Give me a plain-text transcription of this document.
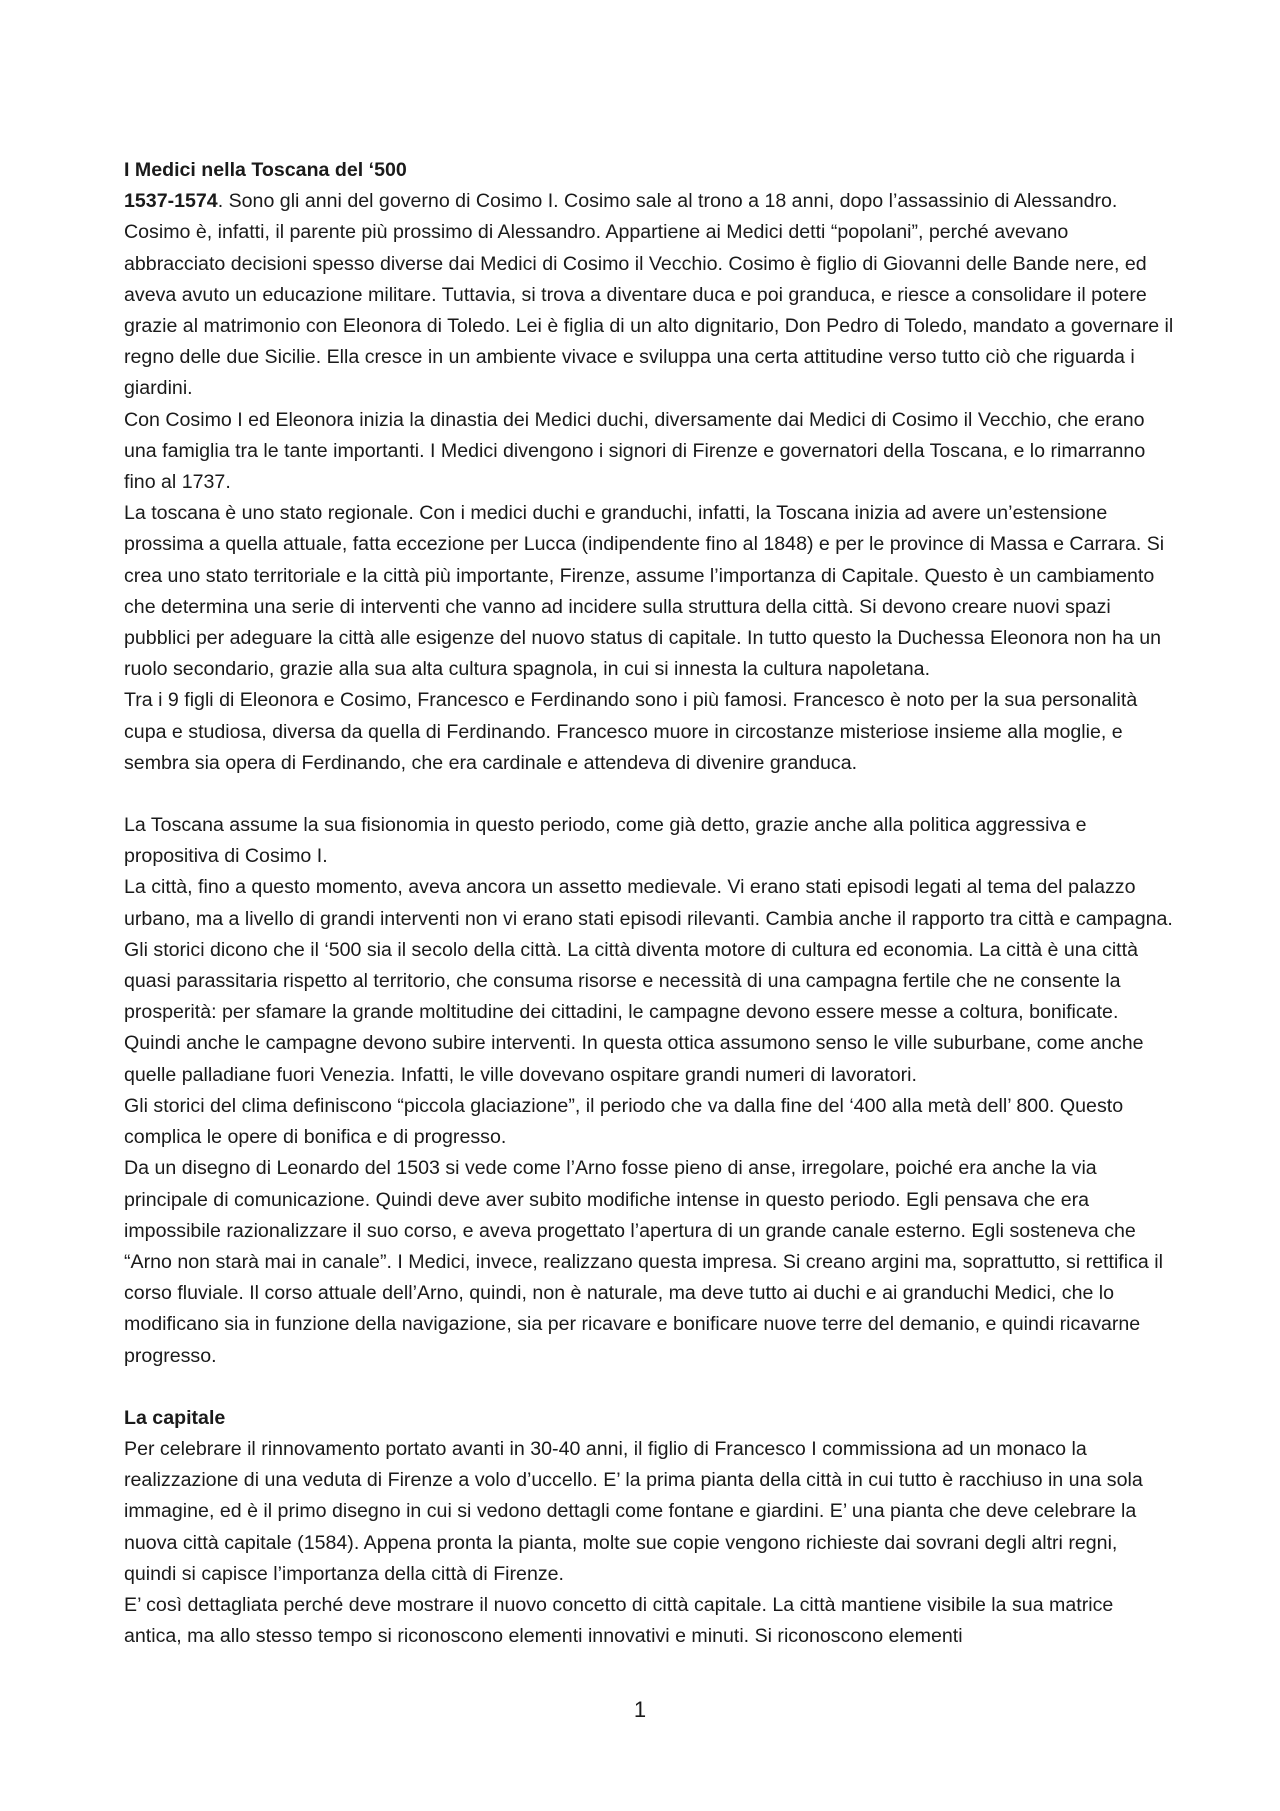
I Medici nella Toscana del ‘500

1537-1574. Sono gli anni del governo di Cosimo I. Cosimo sale al trono a 18 anni, dopo l’assassinio di Alessandro. Cosimo è, infatti, il parente più prossimo di Alessandro. Appartiene ai Medici detti “popolani”, perché avevano abbracciato decisioni spesso diverse dai Medici di Cosimo il Vecchio. Cosimo è figlio di Giovanni delle Bande nere, ed aveva avuto un educazione militare. Tuttavia, si trova a diventare duca e poi granduca, e riesce a consolidare il potere grazie al matrimonio con Eleonora di Toledo. Lei è figlia di un alto dignitario, Don Pedro di Toledo, mandato a governare il regno delle due Sicilie. Ella cresce in un ambiente vivace e sviluppa una certa attitudine verso tutto ciò che riguarda i giardini.

Con Cosimo I ed Eleonora inizia la dinastia dei Medici duchi, diversamente dai Medici di Cosimo il Vecchio, che erano una famiglia tra le tante importanti. I Medici divengono i signori di Firenze e governatori della Toscana, e lo rimarranno fino al 1737.

La toscana è uno stato regionale. Con i medici duchi e granduchi, infatti, la Toscana inizia ad avere un’estensione prossima a quella attuale, fatta eccezione per Lucca (indipendente fino al 1848) e per le province di Massa e Carrara. Si crea uno stato territoriale e la città più importante, Firenze, assume l’importanza di Capitale. Questo è un cambiamento che determina una serie di interventi che vanno ad incidere sulla struttura della città. Si devono creare nuovi spazi pubblici per adeguare la città alle esigenze del nuovo status di capitale. In tutto questo la Duchessa Eleonora non ha un ruolo secondario, grazie alla sua alta cultura spagnola, in cui si innesta la cultura napoletana.

Tra i 9 figli di Eleonora e Cosimo, Francesco e Ferdinando sono i più famosi. Francesco è noto per la sua personalità cupa e studiosa, diversa da quella di Ferdinando. Francesco muore in circostanze misteriose insieme alla moglie, e sembra sia opera di Ferdinando, che era cardinale e attendeva di divenire granduca.

La Toscana assume la sua fisionomia in questo periodo, come già detto, grazie anche alla politica aggressiva e propositiva di Cosimo I.

La città, fino a questo momento, aveva ancora un assetto medievale. Vi erano stati episodi legati al tema del palazzo urbano, ma a livello di grandi interventi non vi erano stati episodi rilevanti. Cambia anche il rapporto tra città e campagna. Gli storici dicono che il ‘500 sia il secolo della città. La città diventa motore di cultura ed economia. La città è una città quasi parassitaria rispetto al territorio, che consuma risorse e necessità di una campagna fertile che ne consente la prosperità: per sfamare la grande moltitudine dei cittadini, le campagne devono essere messe a coltura, bonificate. Quindi anche le campagne devono subire interventi. In questa ottica assumono senso le ville suburbane, come anche quelle palladiane fuori Venezia. Infatti, le ville dovevano ospitare grandi numeri di lavoratori.

Gli storici del clima definiscono “piccola glaciazione”, il periodo che va dalla fine del ‘400 alla metà dell’ 800. Questo complica le opere di bonifica e di progresso.

Da un disegno di Leonardo del 1503 si vede come l’Arno fosse pieno di anse, irregolare, poiché era anche la via principale di comunicazione. Quindi deve aver subito modifiche intense in questo periodo. Egli pensava che era impossibile razionalizzare il suo corso, e aveva progettato l’apertura di un grande canale esterno. Egli sosteneva che “Arno non starà mai in canale”. I Medici, invece, realizzano questa impresa. Si creano argini ma, soprattutto, si rettifica il corso fluviale. Il corso attuale dell’Arno, quindi, non è naturale, ma deve tutto ai duchi e ai granduchi Medici, che lo modificano sia in funzione della navigazione, sia per ricavare e bonificare nuove terre del demanio, e quindi ricavarne progresso.

La capitale

Per celebrare il rinnovamento portato avanti in 30-40 anni, il figlio di Francesco I commissiona ad un monaco la realizzazione di una veduta di Firenze a volo d’uccello. E’ la prima pianta della città in cui tutto è racchiuso in una sola immagine, ed è il primo disegno in cui si vedono dettagli come fontane e giardini. E’ una pianta che deve celebrare la nuova città capitale (1584). Appena pronta la pianta, molte sue copie vengono richieste dai sovrani degli altri regni, quindi si capisce l’importanza della città di Firenze.

E’ così dettagliata perché deve mostrare il nuovo concetto di città capitale. La città mantiene visibile la sua matrice antica, ma allo stesso tempo si riconoscono elementi innovativi e minuti. Si riconoscono elementi

1
